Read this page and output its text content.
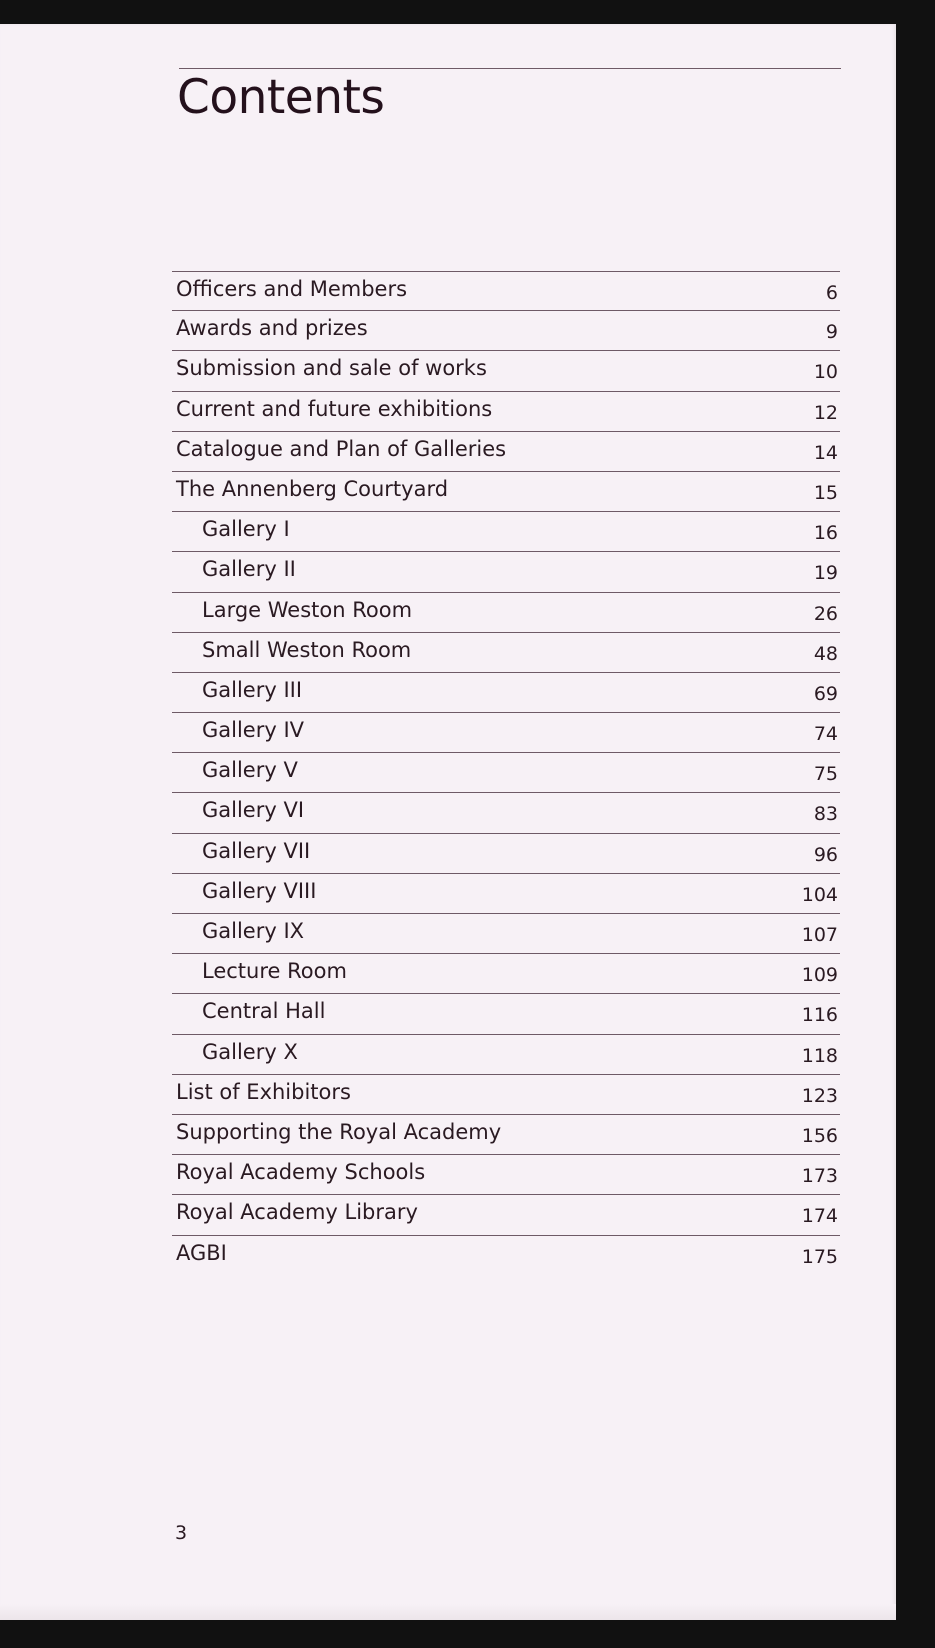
Contents
Officers and Members	6
Awards and prizes	9
Submission and sale of works	10
Current and future exhibitions	12
Catalogue and Plan of Galleries	14
The Annenberg Courtyard	15
Gallery I	16
Gallery II	19
Large Weston Room	26
Small Weston Room	48
Gallery III	69
Gallery IV	74
Gallery V	75
Gallery VI	83
Gallery VII	96
Gallery VIII	104
Gallery IX	107
Lecture Room	109
Central Hall	116
Gallery X	118
List of Exhibitors	123
Supporting the Royal Academy	156
Royal Academy Schools	173
Royal Academy Library	174
AGBI	175
3
